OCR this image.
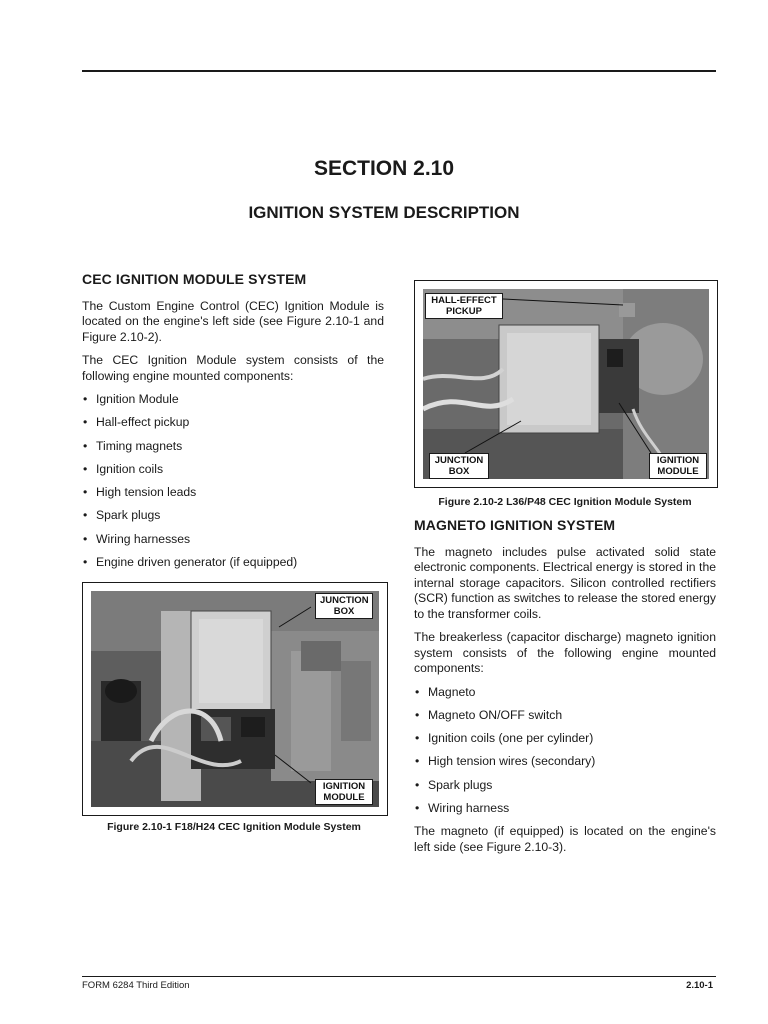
SECTION 2.10
IGNITION SYSTEM DESCRIPTION
CEC IGNITION MODULE SYSTEM

The Custom Engine Control (CEC) Ignition Module is located on the engine's left side (see Figure 2.10-1 and Figure 2.10-2).

The CEC Ignition Module system consists of the following engine mounted components:

• Ignition Module
• Hall-effect pickup
• Timing magnets
• Ignition coils
• High tension leads
• Spark plugs
• Wiring harnesses
• Engine driven generator (if equipped)
JUNCTION
BOX
IGNITION
MODULE
Figure 2.10-1 F18/H24 CEC Ignition Module System
HALL-EFFECT
PICKUP
JUNCTION
BOX
IGNITION
MODULE
Figure 2.10-2 L36/P48 CEC Ignition Module System
MAGNETO IGNITION SYSTEM

The magneto includes pulse activated solid state electronic components. Electrical energy is stored in the internal storage capacitors. Silicon controlled rectifiers (SCR) function as switches to release the stored energy to the transformer coils.

The breakerless (capacitor discharge) magneto ignition system consists of the following engine mounted components:

• Magneto
• Magneto ON/OFF switch
• Ignition coils (one per cylinder)
• High tension wires (secondary)
• Spark plugs
• Wiring harness

The magneto (if equipped) is located on the engine's left side (see Figure 2.10-3).

FORM 6284 Third Edition	2.10-1
